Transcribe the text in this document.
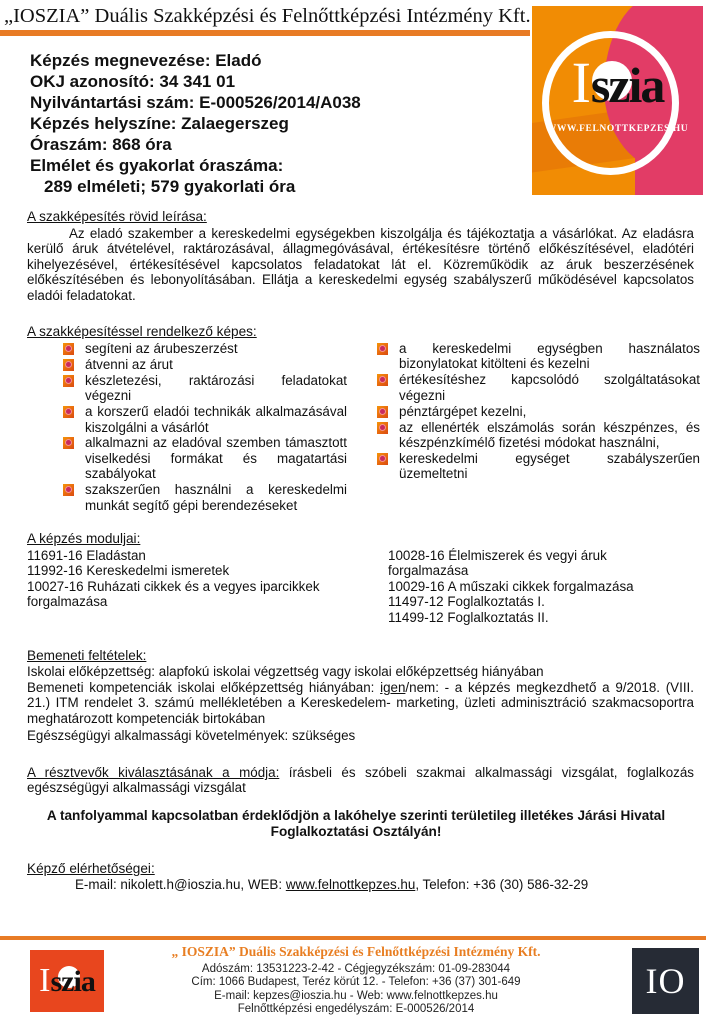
„IOSZIA” Duális Szakképzési és Felnőttképzési Intézmény Kft.
Iszia
WWW.FELNOTTKEPZES.HU
Képzés megnevezése: Eladó
OKJ azonosító: 34 341 01
Nyilvántartási szám: E-000526/2014/A038
Képzés helyszíne: Zalaegerszeg
Óraszám: 868 óra
Elmélet és gyakorlat óraszáma:
289 elméleti; 579 gyakorlati óra
A szakképesítés rövid leírása:
Az eladó szakember a kereskedelmi egységekben kiszolgálja és tájékoztatja a vásárlókat. Az eladásra kerülő áruk átvételével, raktározásával, állagmegóvásával, értékesítésre történő előkészítésével, eladótéri kihelyezésével, értékesítésével kapcsolatos feladatokat lát el. Közreműködik az áruk beszerzésének előkészítésében és lebonyolításában. Ellátja a kereskedelmi egység szabályszerű működésével kapcsolatos eladói feladatokat.
A szakképesítéssel rendelkező képes:
segíteni az árubeszerzést
átvenni az árut
készletezési, raktározási feladatokat végezni
a korszerű eladói technikák alkalmazásával kiszolgálni a vásárlót
alkalmazni az eladóval szemben támasztott viselkedési formákat és magatartási szabályokat
szakszerűen használni a kereskedelmi munkát segítő gépi berendezéseket
a kereskedelmi egységben használatos bizonylatokat kitölteni és kezelni
értékesítéshez kapcsolódó szolgáltatásokat végezni
pénztárgépet kezelni,
az ellenérték elszámolás során készpénzes, és készpénzkímélő fizetési módokat használni,
kereskedelmi egységet szabályszerűen üzemeltetni
A képzés moduljai:
11691-16 Eladástan
11992-16 Kereskedelmi ismeretek
10027-16 Ruházati cikkek és a vegyes iparcikkek forgalmazása
10028-16 Élelmiszerek és vegyi áruk forgalmazása
10029-16 A műszaki cikkek forgalmazása
11497-12 Foglalkoztatás I.
11499-12 Foglalkoztatás II.
Bemeneti feltételek:
Iskolai előképzettség: alapfokú iskolai végzettség vagy iskolai előképzettség hiányában
Bemeneti kompetenciák iskolai előképzettség hiányában: igen/nem: - a képzés megkezdhető a 9/2018. (VIII. 21.) ITM rendelet 3. számú mellékletében a Kereskedelem- marketing, üzleti adminisztráció szakmacsoportra meghatározott kompetenciák birtokában
Egészségügyi alkalmassági követelmények: szükséges
A résztvevők kiválasztásának a módja: írásbeli és szóbeli szakmai alkalmassági vizsgálat, foglalkozás egészségügyi alkalmassági vizsgálat
A tanfolyammal kapcsolatban érdeklődjön a lakóhelye szerinti területileg illetékes Járási Hivatal Foglalkoztatási Osztályán!
Képző elérhetőségei:
E-mail: nikolett.h@ioszia.hu, WEB: www.felnottkepzes.hu, Telefon: +36 (30) 586-32-29
Iszia
„ IOSZIA” Duális Szakképzési és Felnőttképzési Intézmény Kft.
Adószám: 13531223-2-42 - Cégjegyzékszám: 01-09-283044
Cím: 1066 Budapest, Teréz körút 12. - Telefon: +36 (37) 301-649
E-mail: kepzes@ioszia.hu - Web: www.felnottkepzes.hu
Felnőttképzési engedélyszám: E-000526/2014
IO
